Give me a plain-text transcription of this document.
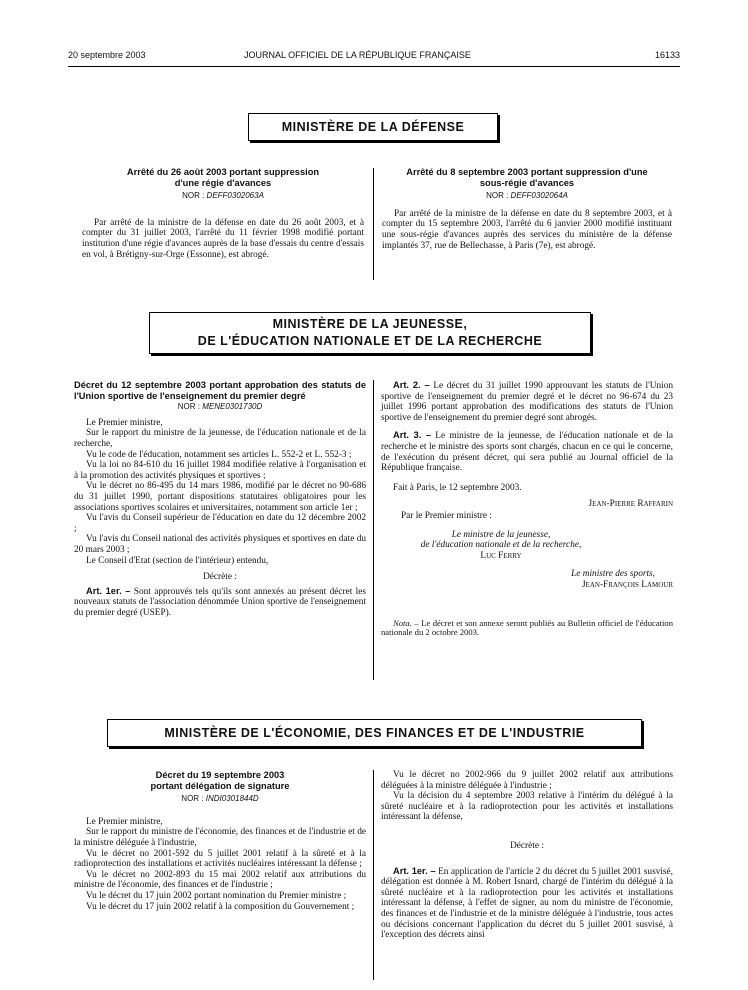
20 septembre 2003	JOURNAL OFFICIEL DE LA RÉPUBLIQUE FRANÇAISE	16133
MINISTÈRE DE LA DÉFENSE

Arrêté du 26 août 2003 portant suppression d'une régie d'avances

NOR : DEFF0302063A

Par arrêté de la ministre de la défense en date du 26 août 2003, et à compter du 31 juillet 2003, l'arrêté du 11 février 1998 modifié portant institution d'une régie d'avances auprès de la base d'essais du centre d'essais en vol, à Brétigny-sur-Orge (Essonne), est abrogé.

Arrêté du 8 septembre 2003 portant suppression d'une sous-régie d'avances

NOR : DEFF0302064A

Par arrêté de la ministre de la défense en date du 8 septembre 2003, et à compter du 15 septembre 2003, l'arrêté du 6 janvier 2000 modifié instituant une sous-régie d'avances auprès des services du ministère de la défense implantés 37, rue de Bellechasse, à Paris (7e), est abrogé.

MINISTÈRE DE LA JEUNESSE,
DE L'ÉDUCATION NATIONALE ET DE LA RECHERCHE

Décret du 12 septembre 2003 portant approbation des statuts de l'Union sportive de l'enseignement du premier degré

NOR : MENE0301730D

Le Premier ministre,

Sur le rapport du ministre de la jeunesse, de l'éducation nationale et de la recherche,

Vu le code de l'éducation, notamment ses articles L. 552-2 et L. 552-3 ;

Vu la loi no 84-610 du 16 juillet 1984 modifiée relative à l'organisation et à la promotion des activités physiques et sportives ;

Vu le décret no 86-495 du 14 mars 1986, modifié par le décret no 90-686 du 31 juillet 1990, portant dispositions statutaires obligatoires pour les associations sportives scolaires et universitaires, notamment son article 1er ;

Vu l'avis du Conseil supérieur de l'éducation en date du 12 décembre 2002 ;

Vu l'avis du Conseil national des activités physiques et sportives en date du 20 mars 2003 ;

Le Conseil d'Etat (section de l'intérieur) entendu,

Décrète :

Art. 1er. – Sont approuvés tels qu'ils sont annexés au présent décret les nouveaux statuts de l'association dénommée Union sportive de l'enseignement du premier degré (USEP).

Art. 2. – Le décret du 31 juillet 1990 approuvant les statuts de l'Union sportive de l'enseignement du premier degré et le décret no 96-674 du 23 juillet 1996 portant approbation des modifications des statuts de l'Union sportive de l'enseignement du premier degré sont abrogés.

Art. 3. – Le ministre de la jeunesse, de l'éducation nationale et de la recherche et le ministre des sports sont chargés, chacun en ce qui le concerne, de l'exécution du présent décret, qui sera publié au Journal officiel de la République française.

Fait à Paris, le 12 septembre 2003.

Jean-Pierre Raffarin

Par le Premier ministre :

Le ministre de la jeunesse,

de l'éducation nationale et de la recherche,

Luc Ferry

Le ministre des sports,

Jean-François Lamour

Nota. – Le décret et son annexe seront publiés au Bulletin officiel de l'éducation nationale du 2 octobre 2003.

MINISTÈRE DE L'ÉCONOMIE, DES FINANCES ET DE L'INDUSTRIE

Décret du 19 septembre 2003 portant délégation de signature

NOR : INDI0301844D

Le Premier ministre,

Sur le rapport du ministre de l'économie, des finances et de l'industrie et de la ministre déléguée à l'industrie,

Vu le décret no 2001-592 du 5 juillet 2001 relatif à la sûreté et à la radioprotection des installations et activités nucléaires intéressant la défense ;

Vu le décret no 2002-893 du 15 mai 2002 relatif aux attributions du ministre de l'économie, des finances et de l'industrie ;

Vu le décret du 17 juin 2002 portant nomination du Premier ministre ;

Vu le décret du 17 juin 2002 relatif à la composition du Gouvernement ;

Vu le décret no 2002-966 du 9 juillet 2002 relatif aux attributions déléguées à la ministre déléguée à l'industrie ;

Vu la décision du 4 septembre 2003 relative à l'intérim du délégué à la sûreté nucléaire et à la radioprotection pour les activités et installations intéressant la défense,

Décrète :

Art. 1er. – En application de l'article 2 du décret du 5 juillet 2001 susvisé, délégation est donnée à M. Robert Isnard, chargé de l'intérim du délégué à la sûreté nucléaire et à la radioprotection pour les activités et installations intéressant la défense, à l'effet de signer, au nom du ministre de l'économie, des finances et de l'industrie et de la ministre déléguée à l'industrie, tous actes ou décisions concernant l'application du décret du 5 juillet 2001 susvisé, à l'exception des décrets ainsi
